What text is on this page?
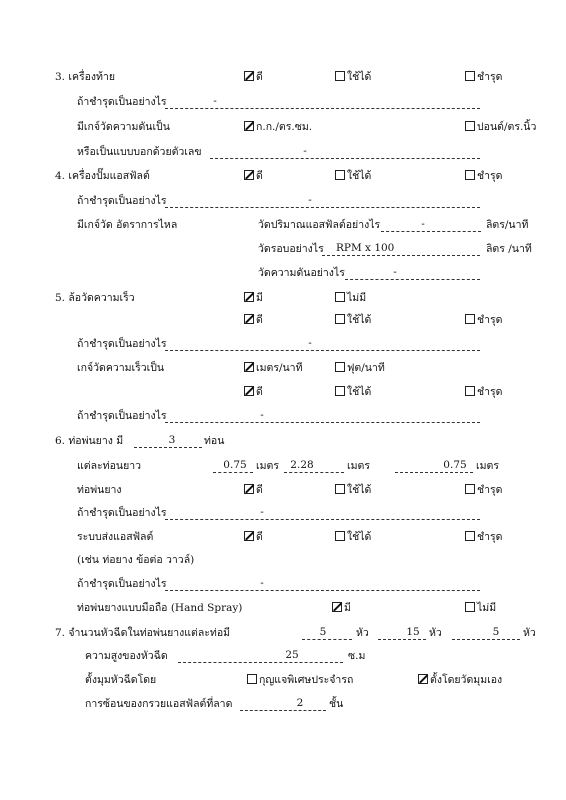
3. เครื่องท้าย	ดี	ใช้ได้	ชำรุด
ถ้าชำรุดเป็นอย่างไร	-
มีเกจ์วัดความดันเป็น	ก.ก./ตร.ซม.	ปอนด์/ตร.นิ้ว
หรือเป็นแบบบอกด้วยตัวเลข	-
4. เครื่องปั๊มแอสฟัลต์	ดี	ใช้ได้	ชำรุด
ถ้าชำรุดเป็นอย่างไร	-
มีเกจ์วัด อัตราการไหล	วัดปริมาณแอสฟัลต์อย่างไร	-	ลิตร/นาที
วัดรอบอย่างไร RPM x 100	ลิตร /นาที
วัดความดันอย่างไร	-
5. ล้อวัดความเร็ว	มี	ไม่มี
ดี	ใช้ได้	ชำรุด
ถ้าชำรุดเป็นอย่างไร	-
เกจ์วัดความเร็วเป็น	เมตร/นาที	ฟุต/นาที
ดี	ใช้ได้	ชำรุด
ถ้าชำรุดเป็นอย่างไร	-
6. ท่อพ่นยาง มี	3	ท่อน
แต่ละท่อนยาว	0.75 เมตร	2.28	เมตร	0.75 เมตร
ท่อพ่นยาง	ดี	ใช้ได้	ชำรุด
ถ้าชำรุดเป็นอย่างไร	-
ระบบส่งแอสฟัลต์	ดี	ใช้ได้	ชำรุด
(เช่น ท่อยาง ข้อต่อ วาวล์)
ถ้าชำรุดเป็นอย่างไร	-
ท่อพ่นยางแบบมือถือ (Hand Spray)	มี	ไม่มี
7. จำนวนหัวฉีดในท่อพ่นยางแต่ละท่อมี	5	หัว	15 หัว	5	หัว
ความสูงของหัวฉีด	25	ซ.ม
ตั้งมุมหัวฉีดโดย	กุญแจพิเศษประจำรถ	ตั้งโดยวัดมุมเอง
การซ้อนของกรวยแอสฟัลต์ที่ลาด	2	ชั้น
